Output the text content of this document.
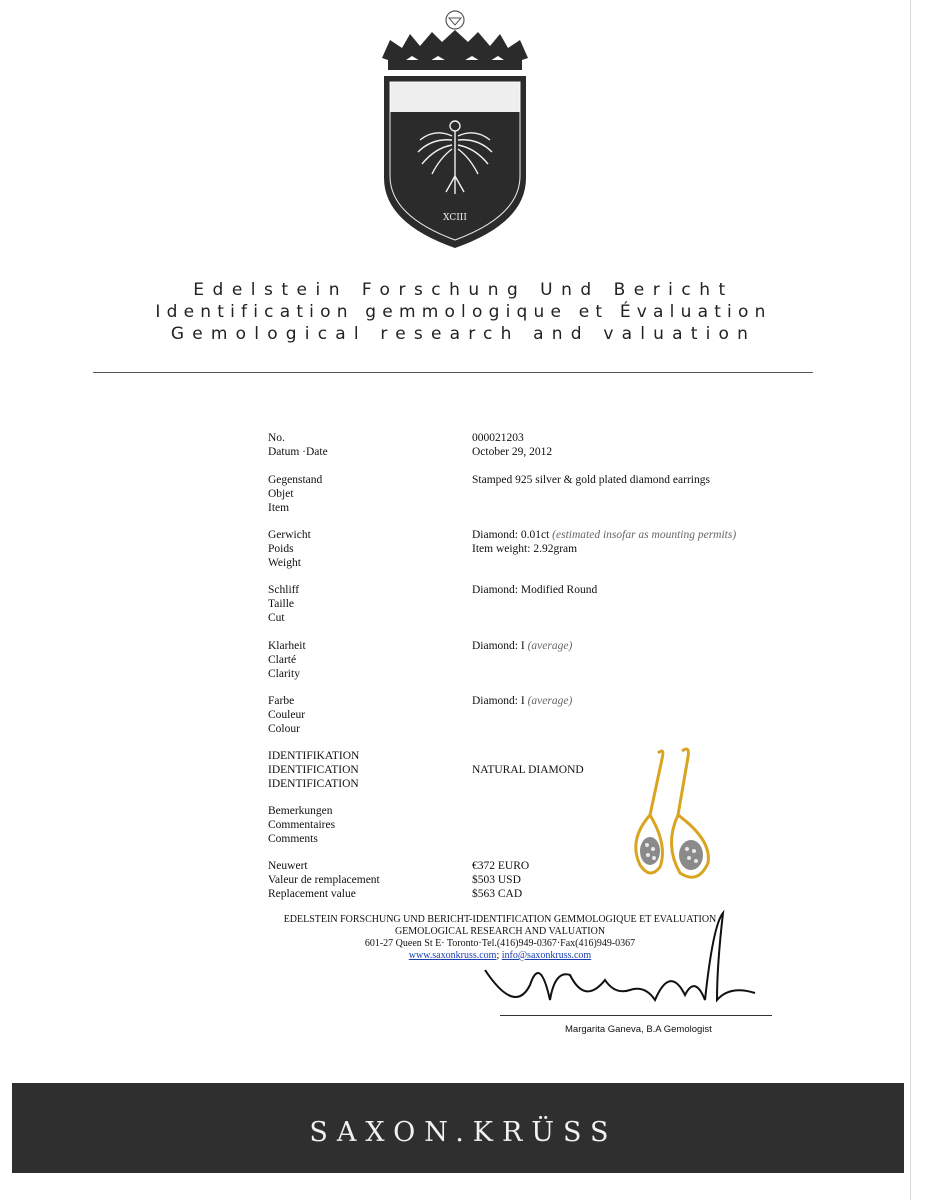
XCIII
Edelstein Forschung Und Bericht
Identification gemmologique et Évaluation
Gemological research and valuation
No.	000021203
Datum ·Date	October 29, 2012
Gegenstand
Objet
Item
Stamped 925 silver & gold plated diamond earrings
Gerwicht
Poids
Weight
Diamond: 0.01ct (estimated insofar as mounting permits)
Item weight: 2.92gram
Schliff
Taille
Cut
Diamond: Modified Round
Klarheit
Clarté
Clarity
Diamond: I (average)
Farbe
Couleur
Colour
Diamond: I (average)
IDENTIFIKATION
IDENTIFICATION
IDENTIFICATION
NATURAL DIAMOND
Bemerkungen
Commentaires
Comments
Neuwert
Valeur de remplacement
Replacement value
€372 EURO
$503 USD
$563 CAD
EDELSTEIN FORSCHUNG UND BERICHT-IDENTIFICATION GEMMOLOGIQUE ET EVALUATION
GEMOLOGICAL RESEARCH AND VALUATION
601-27 Queen St E· Toronto·Tel.(416)949-0367·Fax(416)949-0367
www.saxonkruss.com; info@saxonkruss.com
Margarita Ganeva, B.A Gemologist
SAXON.KRÜSS
